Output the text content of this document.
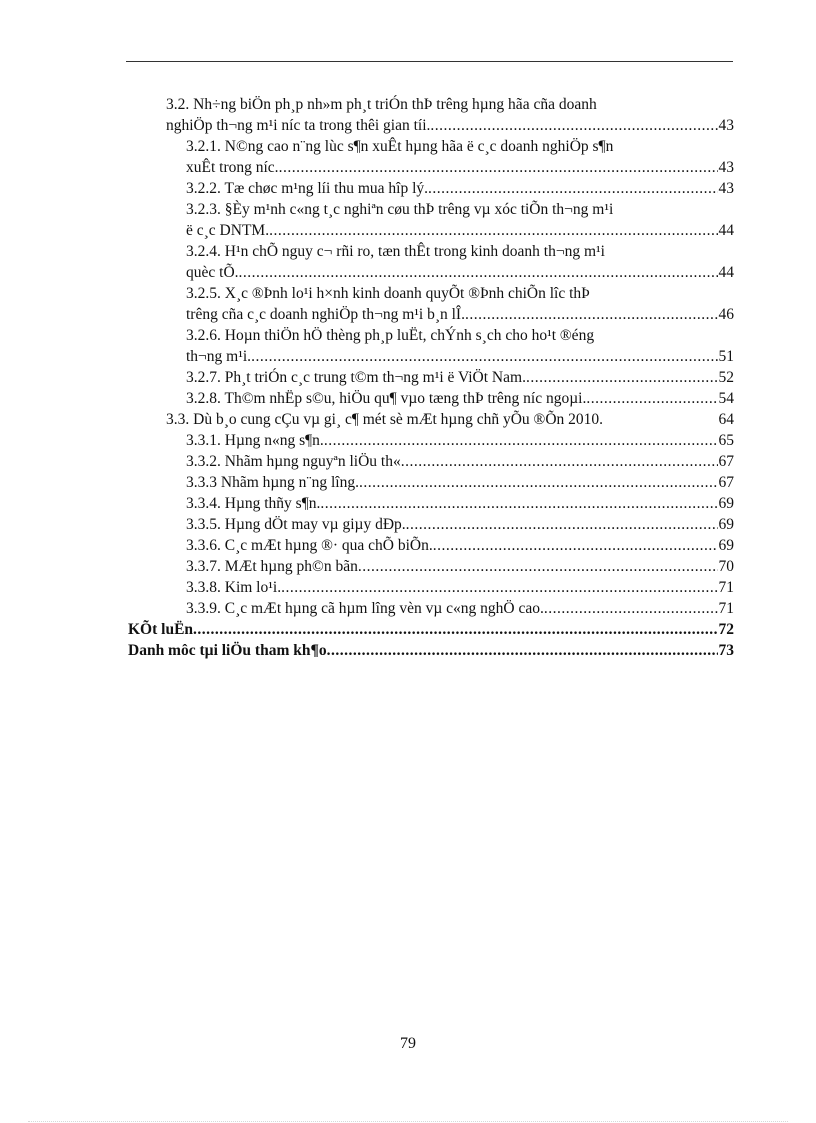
3.2. Nh÷ng biÖn ph¸p nh»m ph¸t triÓn thÞ trêng hµng hãa cña doanh
nghiÖp th¬ng m¹i níc ta trong thêi gian tíi. .....	43
3.2.1. N©ng cao n¨ng lùc s¶n xuÊt hµng hãa ë c¸c doanh nghiÖp s¶n
xuÊt trong níc. .....	43
3.2.2. Tæ chøc m¹ng líi thu mua hîp lý. .....	43
3.2.3. §Èy m¹nh c«ng t¸c nghiªn cøu thÞ trêng vµ xóc tiÕn th¬ng m¹i
ë c¸c DNTM. .....	44
3.2.4. H¹n chÕ nguy c¬ rñi ro, tæn thÊt trong kinh doanh th¬ng m¹i
quèc tÕ. .....	44
3.2.5. X¸c ®Þnh lo¹i h×nh kinh doanh quyÕt ®Þnh chiÕn lîc thÞ
trêng cña c¸c doanh nghiÖp th¬ng m¹i b¸n lÎ. .....	46
3.2.6. Hoµn thiÖn hÖ thèng ph¸p luËt, chÝnh s¸ch cho ho¹t ®éng
th¬ng m¹i. .....	51
3.2.7. Ph¸t triÓn c¸c trung t©m th¬ng m¹i ë ViÖt Nam. .....	52
3.2.8. Th©m nhËp s©u, hiÖu qu¶ vµo tæng thÞ trêng níc ngoµi. .....	54
3.3. Dù b¸o cung cÇu vµ gi¸ c¶ mét sè mÆt hµng chñ yÕu ®Õn 2010.	64
3.3.1. Hµng n«ng s¶n. .....	65
3.3.2. Nhãm hµng nguyªn liÖu th« .....	67
3.3.3 Nhãm hµng n¨ng lîng. .....	67
3.3.4. Hµng thñy s¶n. .....	69
3.3.5. Hµng dÖt may vµ giµy dÐp. .....	69
3.3.6. C¸c mÆt hµng ®· qua chÕ biÕn. .....	69
3.3.7. MÆt hµng ph©n bãn .....	70
3.3.8. Kim lo¹i. .....	71
3.3.9. C¸c mÆt hµng cã hµm lîng vèn vµ c«ng nghÖ cao. .....	71
KÕt luËn .....	72
Danh môc tµi liÖu tham kh¶o .....	73
79
